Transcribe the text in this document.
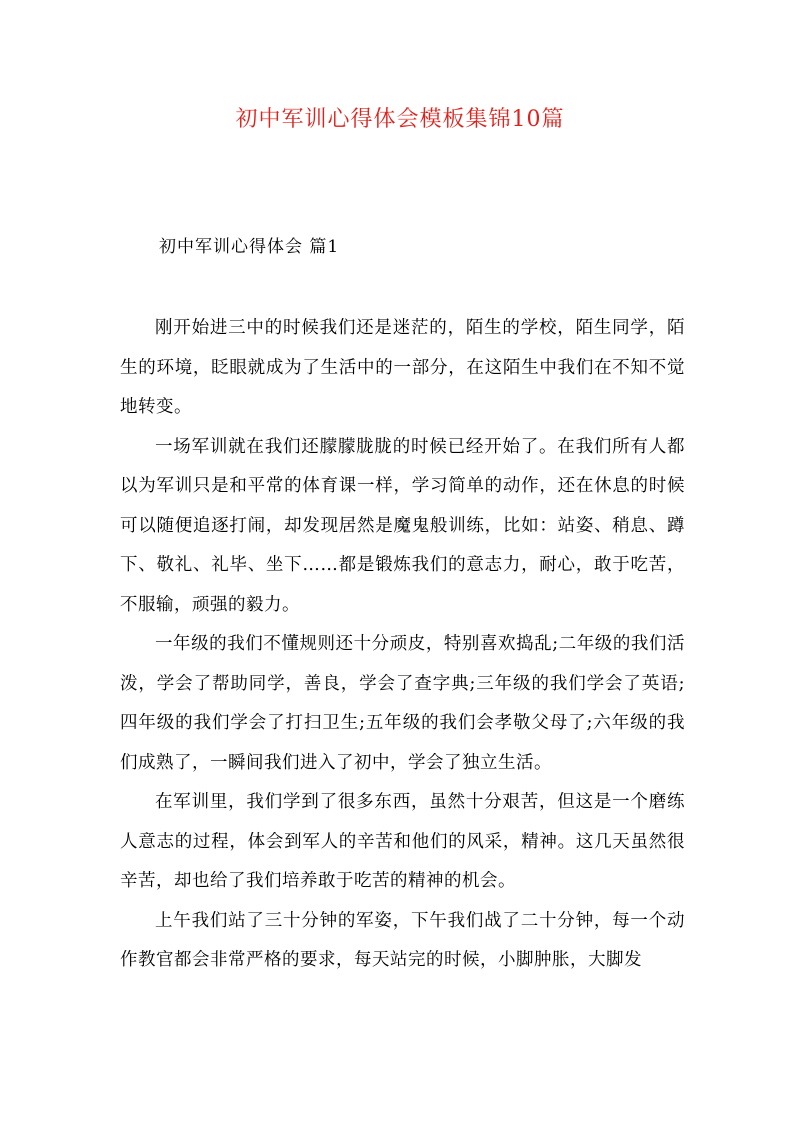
初中军训心得体会模板集锦10篇
初中军训心得体会 篇1

刚开始进三中的时候我们还是迷茫的，陌生的学校，陌生同学，陌生的环境，眨眼就成为了生活中的一部分，在这陌生中我们在不知不觉地转变。

一场军训就在我们还朦朦胧胧的时候已经开始了。在我们所有人都以为军训只是和平常的体育课一样，学习简单的动作，还在休息的时候可以随便追逐打闹，却发现居然是魔鬼般训练，比如：站姿、稍息、蹲下、敬礼、礼毕、坐下……都是锻炼我们的意志力，耐心，敢于吃苦，不服输，顽强的毅力。

一年级的我们不懂规则还十分顽皮，特别喜欢捣乱;二年级的我们活泼，学会了帮助同学，善良，学会了查字典;三年级的我们学会了英语;四年级的我们学会了打扫卫生;五年级的我们会孝敬父母了;六年级的我们成熟了，一瞬间我们进入了初中，学会了独立生活。

在军训里，我们学到了很多东西，虽然十分艰苦，但这是一个磨练人意志的过程，体会到军人的辛苦和他们的风采，精神。这几天虽然很辛苦，却也给了我们培养敢于吃苦的精神的机会。

上午我们站了三十分钟的军姿，下午我们战了二十分钟，每一个动作教官都会非常严格的要求，每天站完的时候，小脚肿胀，大脚发
